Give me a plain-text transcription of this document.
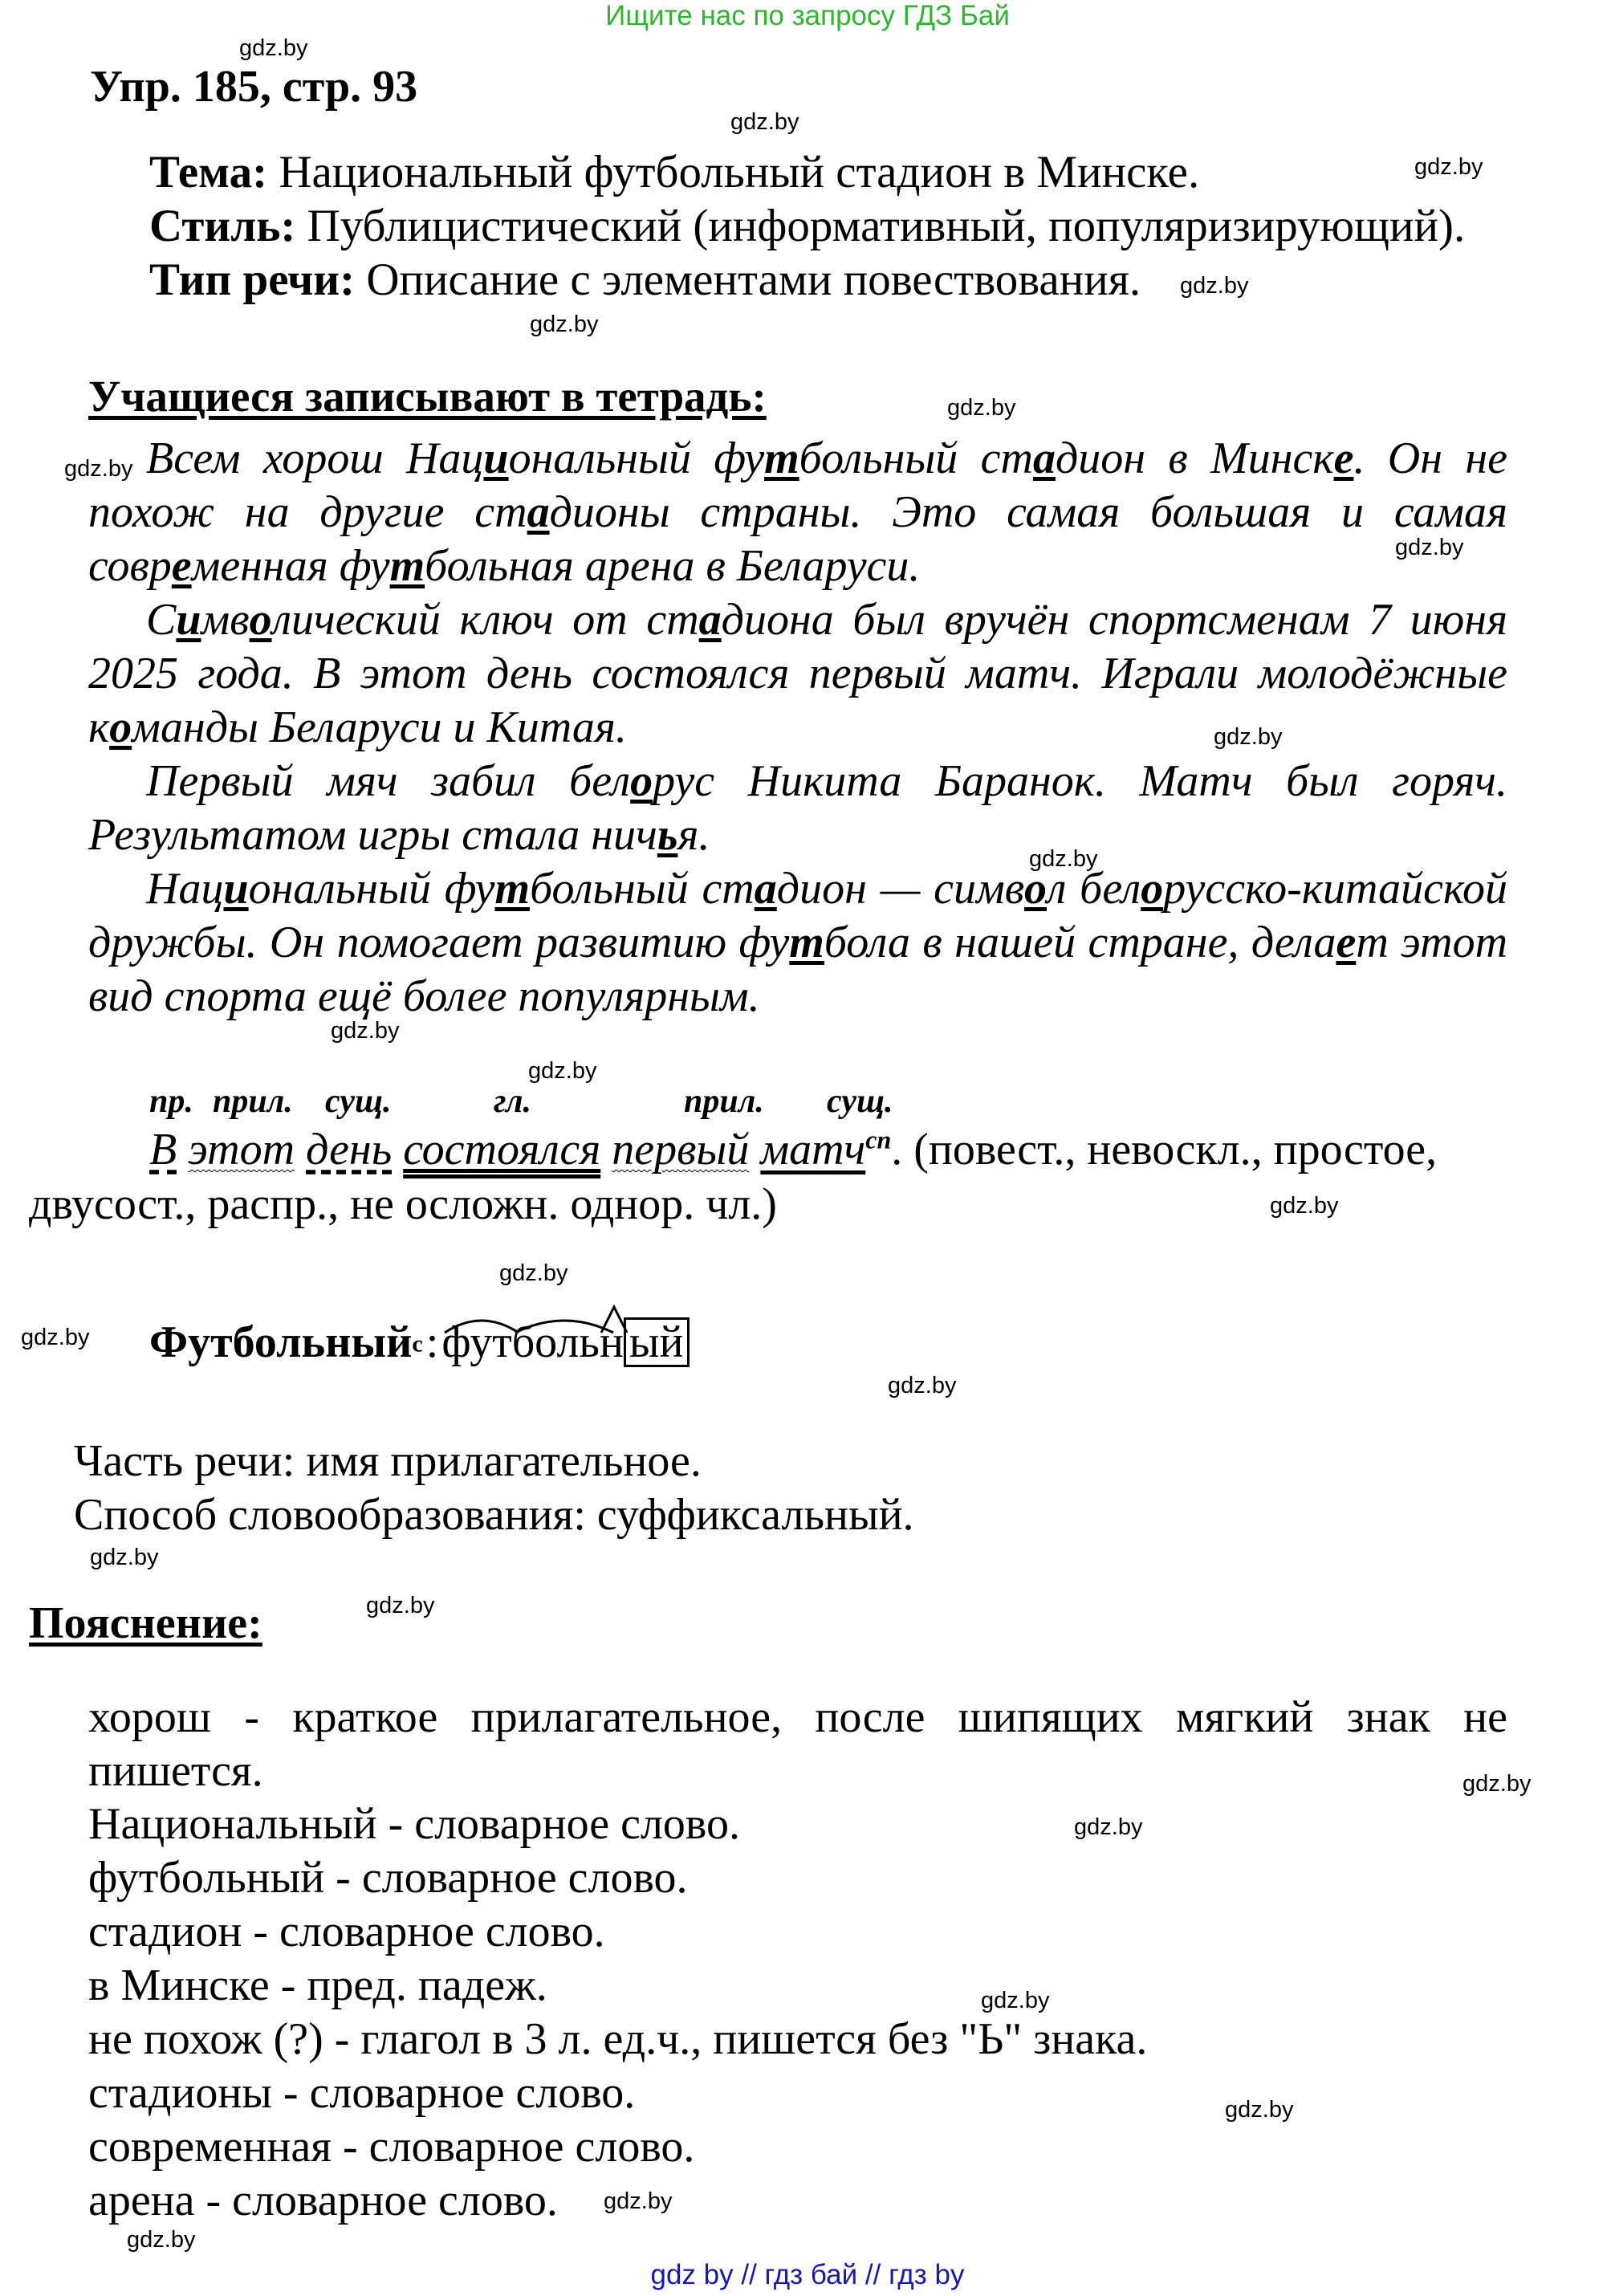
Ищите нас по запросу ГДЗ Бай
Упр. 185, стр. 93
Тема: Национальный футбольный стадион в Минске.
Стиль: Публицистический (информативный, популяризирующий).
Тип речи: Описание с элементами повествования.
Учащиеся записывают в тетрадь:
Всем хорош Национальный футбольный стадион в Минске. Он не похож на другие стадионы страны. Это самая большая и самая современная футбольная арена в Беларуси.
Символический ключ от стадиона был вручён спортсменам 7 июня 2025 года. В этот день состоялся первый матч. Играли молодёжные команды Беларуси и Китая.
Первый мяч забил белорус Никита Баранок. Матч был горяч. Результатом игры стала ничья.
Национальный футбольный стадион — символ белорусско-китайской дружбы. Он помогает развитию футбола в нашей стране, делает этот вид спорта ещё более популярным.
пр. прил. сущ.	гл.	прил. сущ.
В этот день состоялся первый матч$^{сп}$. (повест., невоскл., простое,
двусост., распр., не осложн. однор. чл.)
Футбольный$^с$ :
фут
боль
н ый
Часть речи: имя прилагательное.
Способ словообразования: суффиксальный.
Пояснение:
хорош - краткое прилагательное, после шипящих мягкий знак не пишется.
Национальный - словарное слово.
футбольный - словарное слово.
стадион - словарное слово.
в Минске - пред. падеж.
не похож (?) - глагол в 3 л. ед.ч., пишется без "Ь" знака.
стадионы - словарное слово.
современная - словарное слово.
арена - словарное слово.
gdz.by
gdz.by
gdz.by
gdz.by
gdz.by
gdz.by
gdz.by
gdz.by
gdz.by
gdz.by
gdz.by
gdz.by
gdz.by
gdz.by
gdz.by
gdz.by
gdz.by
gdz.by
gdz.by
gdz.by
gdz.by
gdz.by
gdz.by
gdz.by
gdz by // гдз бай // гдз by
